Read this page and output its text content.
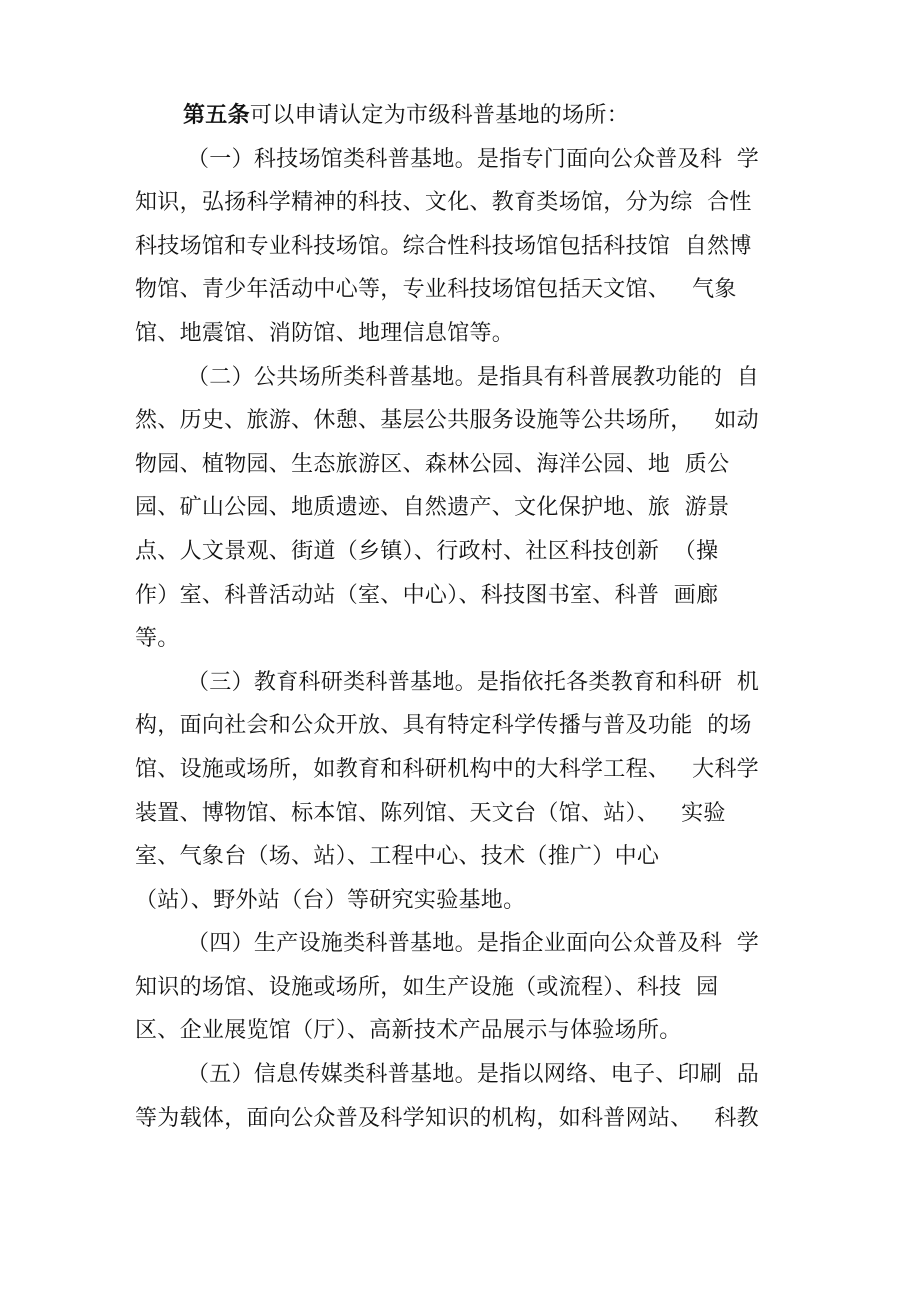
第五条可以申请认定为市级科普基地的场所：
（一）科技场馆类科普基地。是指专门面向公众普及科  学
知识，弘扬科学精神的科技、文化、教育类场馆，分为综  合性
科技场馆和专业科技场馆。综合性科技场馆包括科技馆  自然博
物馆、青少年活动中心等，专业科技场馆包括天文馆、   气象
馆、地震馆、消防馆、地理信息馆等。
（二）公共场所类科普基地。是指具有科普展教功能的  自
然、历史、旅游、休憩、基层公共服务设施等公共场所，   如动
物园、植物园、生态旅游区、森林公园、海洋公园、地  质公
园、矿山公园、地质遗迹、自然遗产、文化保护地、旅  游景
点、人文景观、街道（乡镇）、行政村、社区科技创新  （操
作）室、科普活动站（室、中心）、科技图书室、科普  画廊
等。
（三）教育科研类科普基地。是指依托各类教育和科研  机
构，面向社会和公众开放、具有特定科学传播与普及功能  的场
馆、设施或场所，如教育和科研机构中的大科学工程、   大科学
装置、博物馆、标本馆、陈列馆、天文台（馆、站）、   实验
室、气象台（场、站）、工程中心、技术（推广）中心
（站）、野外站（台）等研究实验基地。
（四）生产设施类科普基地。是指企业面向公众普及科  学
知识的场馆、设施或场所，如生产设施（或流程）、科技  园
区、企业展览馆（厅）、高新技术产品展示与体验场所。
（五）信息传媒类科普基地。是指以网络、电子、印刷  品
等为载体，面向公众普及科学知识的机构，如科普网站、   科教
